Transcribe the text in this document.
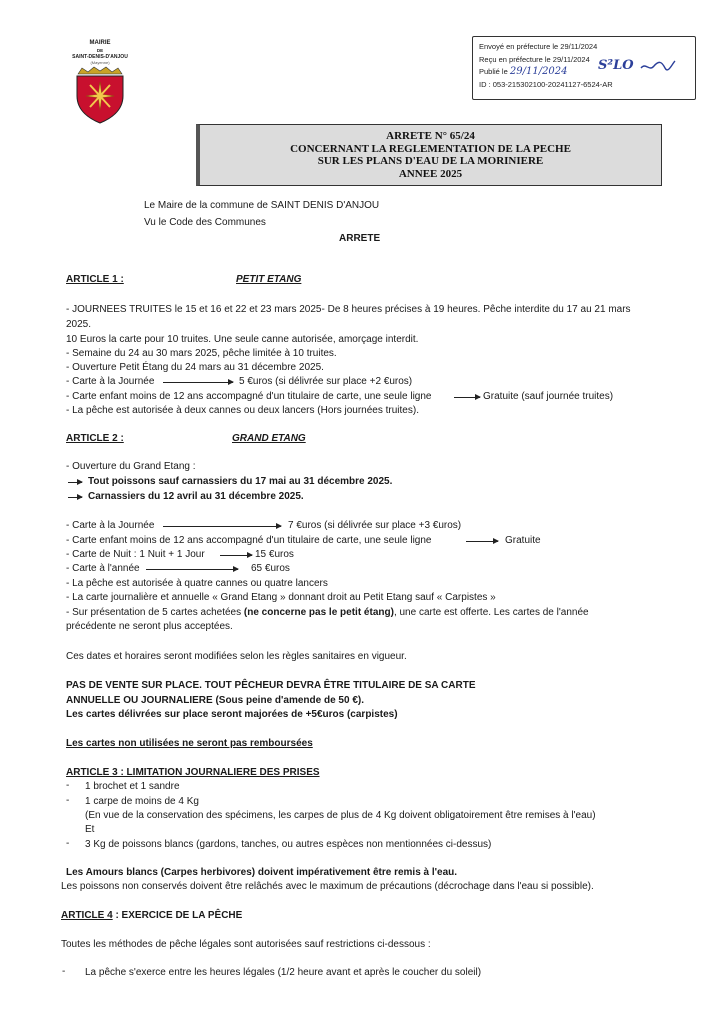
MAIRIE
DE
SAINT-DENIS-D'ANJOU
(Mayenne)
Envoyé en préfecture le 29/11/2024
Reçu en préfecture le 29/11/2024
Publié le 29/11/2024
ID : 053-215302100-20241127-6524-AR
S²LO
ARRETE N° 65/24
CONCERNANT LA REGLEMENTATION DE LA PECHE
SUR LES PLANS D'EAU DE LA MORINIERE
ANNEE 2025
Le Maire de la commune de SAINT DENIS D'ANJOU
Vu le Code des Communes
ARRETE
ARTICLE 1 :	PETIT ETANG
- JOURNEES TRUITES le 15 et 16 et 22 et 23 mars 2025- De 8 heures précises à 19 heures. Pêche interdite du 17 au 21 mars
2025.
10 Euros la carte pour 10 truites. Une seule canne autorisée, amorçage interdit.
- Semaine du 24 au 30 mars 2025, pêche limitée à 10 truites.
- Ouverture Petit Étang du 24 mars au 31 décembre 2025.
- Carte à la Journée	5 €uros (si délivrée sur place +2 €uros)
- Carte enfant moins de 12 ans accompagné d'un titulaire de carte, une seule ligne	Gratuite (sauf journée truites)
- La pêche est autorisée à deux cannes ou deux lancers (Hors journées truites).
ARTICLE 2 :	GRAND ETANG
- Ouverture du Grand Etang :
Tout poissons sauf carnassiers du 17 mai au 31 décembre 2025.
Carnassiers du 12 avril au 31 décembre 2025.
- Carte à la Journée	7 €uros (si délivrée sur place +3 €uros)
- Carte enfant moins de 12 ans accompagné d'un titulaire de carte, une seule ligne	Gratuite
- Carte de Nuit : 1 Nuit + 1 Jour	15 €uros
- Carte à l'année	65 €uros
- La pêche est autorisée à quatre cannes ou quatre lancers
- La carte journalière et annuelle « Grand Etang » donnant droit au Petit Etang sauf « Carpistes »
- Sur présentation de 5 cartes achetées (ne concerne pas le petit étang), une carte est offerte. Les cartes de l'année
précédente ne seront plus acceptées.
Ces dates et horaires seront modifiées selon les règles sanitaires en vigueur.
PAS DE VENTE SUR PLACE. TOUT PÊCHEUR DEVRA ÊTRE TITULAIRE DE SA CARTE
ANNUELLE OU JOURNALIERE (Sous peine d'amende de 50 €).
Les cartes délivrées sur place seront majorées de +5€uros (carpistes)
Les cartes non utilisées ne seront pas remboursées
ARTICLE 3 : LIMITATION JOURNALIERE DES PRISES
- 1 brochet et 1 sandre
- 1 carpe de moins de 4 Kg
(En vue de la conservation des spécimens, les carpes de plus de 4 Kg doivent obligatoirement être remises à l'eau)
Et
- 3 Kg de poissons blancs (gardons, tanches, ou autres espèces non mentionnées ci-dessus)
Les Amours blancs (Carpes herbivores) doivent impérativement être remis à l'eau.
Les poissons non conservés doivent être relâchés avec le maximum de précautions (décrochage dans l'eau si possible).
ARTICLE 4 : EXERCICE DE LA PÊCHE
Toutes les méthodes de pêche légales sont autorisées sauf restrictions ci-dessous :
- La pêche s'exerce entre les heures légales (1/2 heure avant et après le coucher du soleil)
